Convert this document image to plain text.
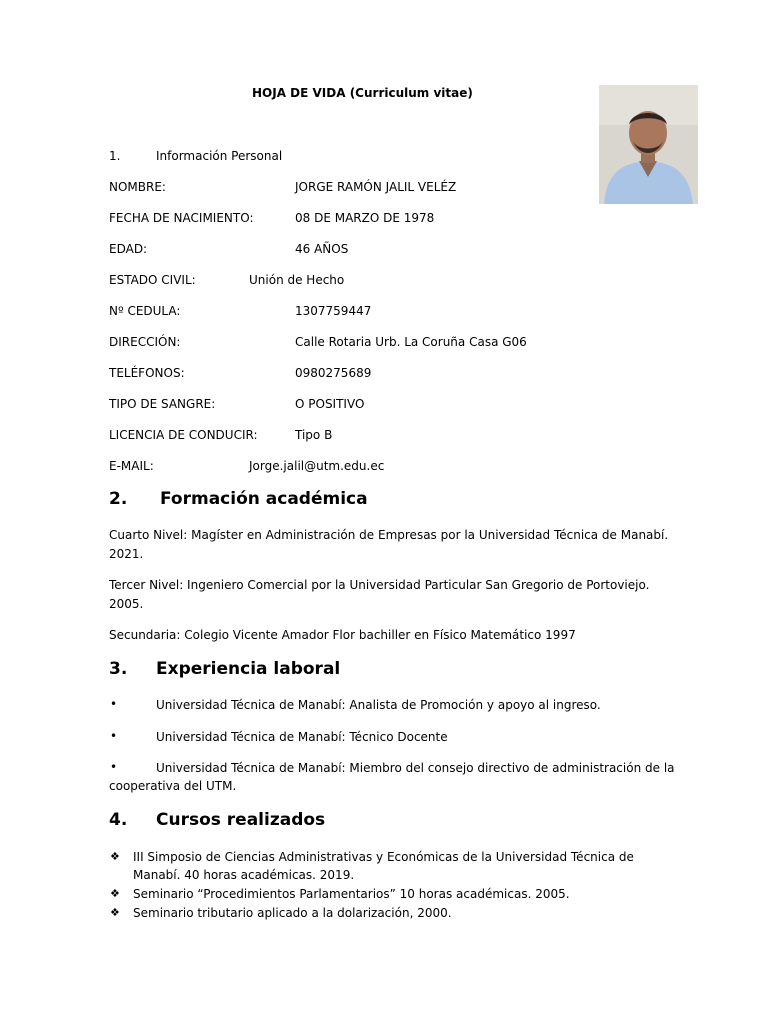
HOJA DE VIDA (Curriculum vitae)
1.	Información Personal
NOMBRE:	JORGE RAMÓN JALIL VELÉZ
FECHA DE NACIMIENTO:	08 DE MARZO DE 1978
EDAD:	46 AÑOS
ESTADO CIVIL:	Unión de Hecho
Nº CEDULA:	1307759447
DIRECCIÓN:	Calle Rotaria Urb. La Coruña Casa G06
TELÉFONOS:	0980275689
TIPO DE SANGRE:	O POSITIVO
LICENCIA DE CONDUCIR:	Tipo B
E-MAIL:	Jorge.jalil@utm.edu.ec
2. Formación académica
Cuarto Nivel: Magíster en Administración de Empresas por la Universidad Técnica de Manabí. 2021.
Tercer Nivel: Ingeniero Comercial por la Universidad Particular San Gregorio de Portoviejo. 2005.
Secundaria: Colegio Vicente Amador Flor bachiller en Físico Matemático 1997
3. Experiencia laboral
•	Universidad Técnica de Manabí: Analista de Promoción y apoyo al ingreso.
•	Universidad Técnica de Manabí: Técnico Docente
•	Universidad Técnica de Manabí: Miembro del consejo directivo de administración de la
cooperativa del UTM.
4. Cursos realizados
❖ III Simposio de Ciencias Administrativas y Económicas de la Universidad Técnica de
Manabí. 40 horas académicas. 2019.
❖ Seminario “Procedimientos Parlamentarios” 10 horas académicas. 2005.
❖ Seminario tributario aplicado a la dolarización, 2000.
